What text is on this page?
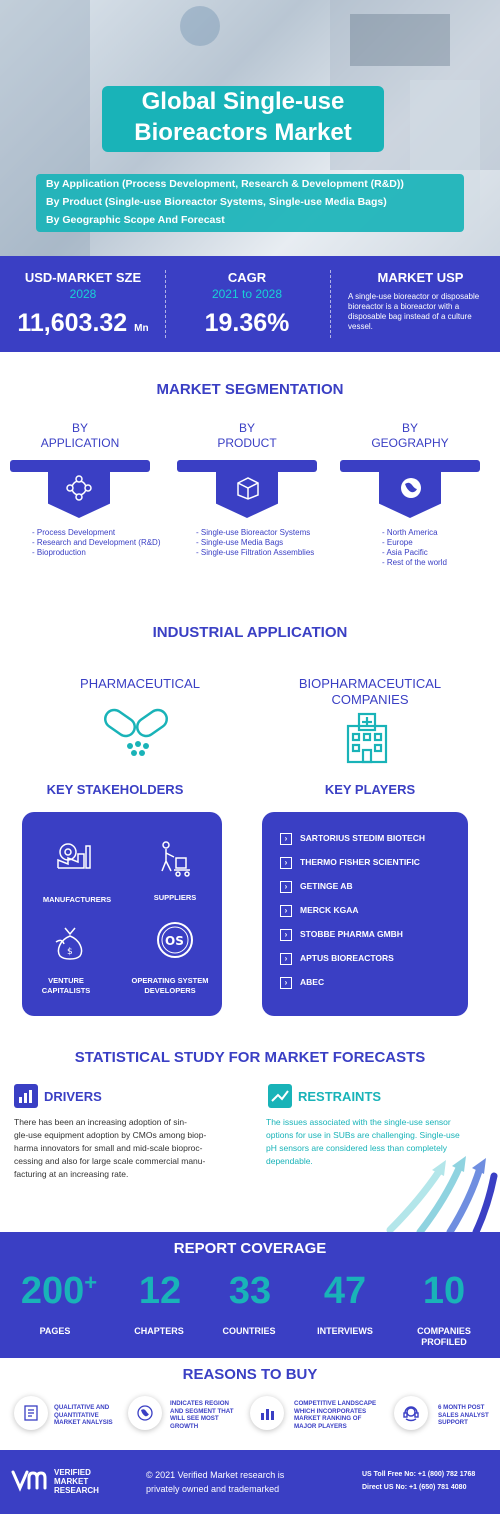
Global Single-use
Bioreactors Market
By Application (Process Development, Research & Development (R&D))
By Product (Single-use Bioreactor Systems, Single-use Media Bags)
By Geographic Scope And Forecast
USD-MARKET SZE
2028
11,603.32 Mn
CAGR
2021 to 2028
19.36%
MARKET USP
A single-use bioreactor or disposable bioreactor is a bioreactor with a disposable bag instead of a culture vessel.
MARKET SEGMENTATION
BY
APPLICATION
BY
PRODUCT
BY
GEOGRAPHY
- Process Development
- Research and Development (R&D)
- Bioproduction
- Single-use Bioreactor Systems
- Single-use Media Bags
- Single-use Filtration Assemblies
- North America
- Europe
- Asia Pacific
- Rest of the world
INDUSTRIAL APPLICATION
PHARMACEUTICAL	BIOPHARMACEUTICAL
COMPANIES
KEY STAKEHOLDERS	KEY PLAYERS
MANUFACTURERS	SUPPLIERS
$
OS
VENTURE
CAPITALISTS
OPERATING SYSTEM
DEVELOPERS
› SARTORIUS STEDIM BIOTECH
› THERMO FISHER SCIENTIFIC
› GETINGE AB
› MERCK KGAA
› STOBBE PHARMA GMBH
› APTUS BIOREACTORS
› ABEC
STATISTICAL STUDY FOR MARKET FORECASTS
DRIVERS
There has been an increasing adoption of sin-
gle-use equipment adoption by CMOs among biop-
harma innovators for small and mid-scale bioproc-
cessing and also for large scale commercial manu-
facturing at an increasing rate.
RESTRAINTS
The issues associated with the single-use sensor
options for use in SUBs are challenging. Single-use
pH sensors are considered less than completely
dependable.
REPORT COVERAGE
200+	12	33	47	10
PAGES	CHAPTERS	COUNTRIES	INTERVIEWS	COMPANIES
PROFILED
REASONS TO BUY
QUALITATIVE AND
QUANTITATIVE
MARKET ANALYSIS
INDICATES REGION
AND SEGMENT THAT
WILL SEE MOST
GROWTH
COMPETITIVE LANDSCAPE
WHICH INCORPORATES
MARKET RANKING OF
MAJOR PLAYERS
6 MONTH POST
SALES ANALYST
SUPPORT
VERIFIED
MARKET
RESEARCH
© 2021 Verified Market research is
privately owned and trademarked
US Toll Free No: +1 (800) 782 1768
Direct US No: +1 (650) 781 4080
